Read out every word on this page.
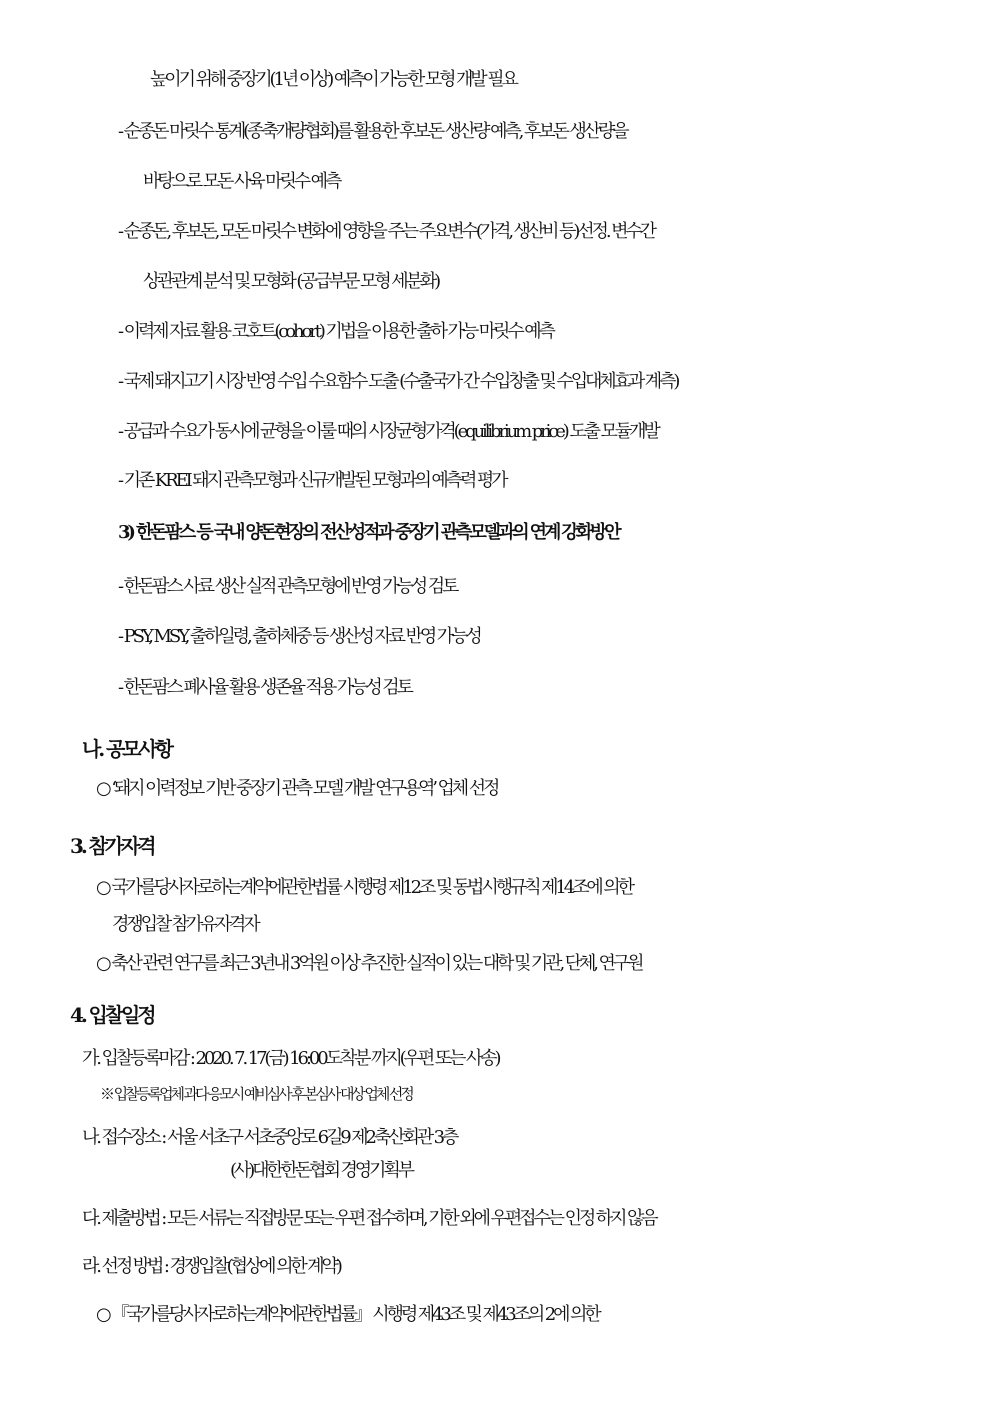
높이기 위해 중장기(1년 이상) 예측이 가능한 모형 개발 필요
- 순종돈 마릿수 통계(종축개량협회)를 활용한 후보돈 생산량 예측, 후보돈 생산량을
바탕으로 모돈 사육 마릿수 예측
- 순종돈, 후보돈, 모돈 마릿수 변화에 영향을 주는 주요변수(가격, 생산비 등)선정. 변수간
상관관계 분석 및 모형화 (공급부문 모형 세분화)
- 이력제 자료 활용 코호트(cohort) 기법을 이용한 출하 가능 마릿수 예측
- 국제 돼지고기 시장 반영 수입 수요함수 도출 (수출국가 간 수입창출 및 수입대체효과 계측)
- 공급과 수요가 동시에 균형을 이룰 때의 시장균형가격(equilibrium price) 도출 모듈개발
- 기존 KREI 돼지 관측모형과 신규개발된 모형과의 예측력 평가
3) 한돈팜스 등 국내 양돈현장의 전산성적과 중장기 관측모델과의 연계 강화방안
- 한돈팜스 사료 생산 실적 관측모형에 반영 가능성 검토
- PSY, MSY, 출하일령, 출하체중 등 생산성 자료 반영 가능성
- 한돈팜스 폐사율 활용 생존율 적용 가능성 검토
나. 공모사항
○ ‘돼지 이력정보 기반 중장기 관측 모델 개발 연구용역’ 업체 선정
3. 참가자격
○ 국가를당사자로하는계약에관한법률 시행령 제12조 및 동법시행규칙 제14조에 의한
경쟁입찰 참가유자격자
○ 축산 관련 연구를 최근 3년내 3억원 이상 추진한 실적이 있는 대학 및 기관, 단체, 연구원
4. 입찰일정
가. 입찰등록마감 : 2020. 7. 17(금) 16:00도착분 까지(우편 또는 사송)
※ 입찰등록업체 과다 응모시 예비심사 후 본심사 대상 업체 선정
나. 접수장소 : 서울 서초구 서초중앙로 6길9 제2축산회관 3층
(사)대한한돈협회 경영기획부
다. 제출방법 : 모든 서류는 직접방문 또는 우편 접수하며, 기한 외에 우편접수는 인정 하지 않음
라. 선정 방법 : 경쟁입찰(협상에 의한 계약)
○ 『국가를당사자로하는계약에관한법률』 시행령 제43조 및 제43조의 2에 의한
